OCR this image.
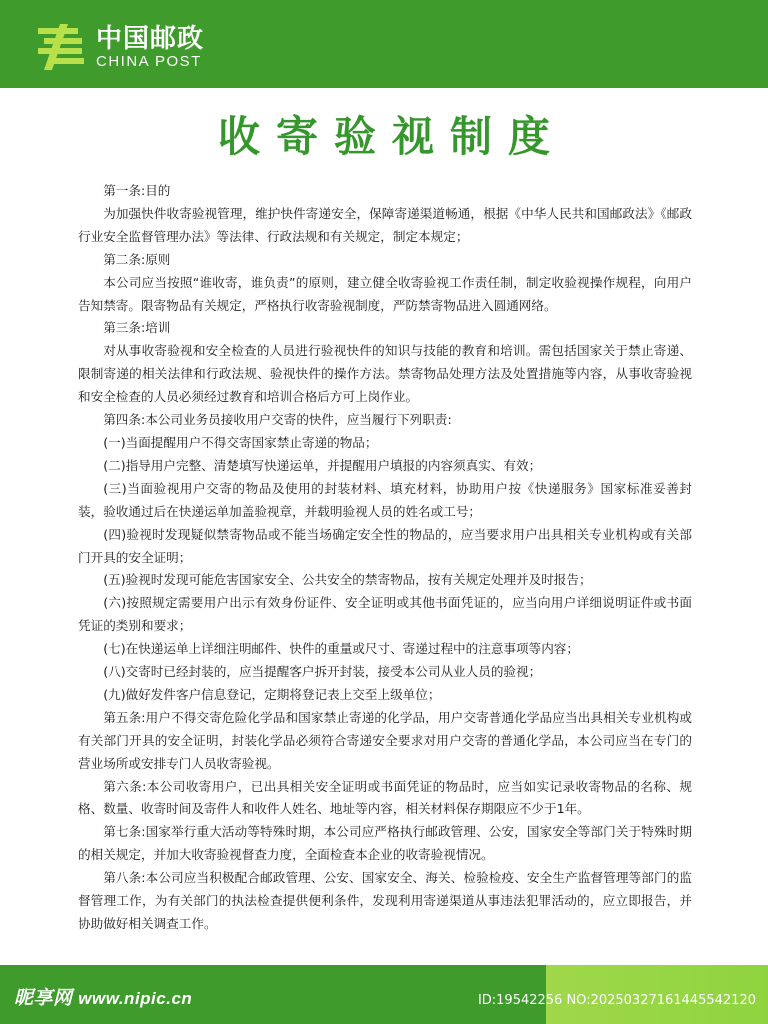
中国邮政
CHINA POST
收寄验视制度

第一条:目的

为加强快件收寄验视管理，维护快件寄递安全，保障寄递渠道畅通，根据《中华人民共和国邮政法》《邮政行业安全监督管理办法》等法律、行政法规和有关规定，制定本规定；

第二条:原则

本公司应当按照“谁收寄，谁负责”的原则，建立健全收寄验视工作责任制，制定收验视操作规程，向用户告知禁寄。限寄物品有关规定，严格执行收寄验视制度，严防禁寄物品进入圆通网络。

第三条:培训

对从事收寄验视和安全检查的人员进行验视快件的知识与技能的教育和培训。需包括国家关于禁止寄递、限制寄递的相关法律和行政法规、验视快件的操作方法。禁寄物品处理方法及处置措施等内容，从事收寄验视和安全检查的人员必须经过教育和培训合格后方可上岗作业。

第四条:本公司业务员接收用户交寄的快件，应当履行下列职责:

(一)当面提醒用户不得交寄国家禁止寄递的物品；

(二)指导用户完整、清楚填写快递运单，并提醒用户填报的内容须真实、有效；

(三)当面验视用户交寄的物品及使用的封装材料、填充材料，协助用户按《快递服务》国家标准妥善封装，验收通过后在快递运单加盖验视章，并载明验视人员的姓名或工号；

(四)验视时发现疑似禁寄物品或不能当场确定安全性的物品的，应当要求用户出具相关专业机构或有关部门开具的安全证明；

(五)验视时发现可能危害国家安全、公共安全的禁寄物品，按有关规定处理并及时报告；

(六)按照规定需要用户出示有效身份证件、安全证明或其他书面凭证的，应当向用户详细说明证件或书面凭证的类别和要求；

(七)在快递运单上详细注明邮件、快件的重量或尺寸、寄递过程中的注意事项等内容；

(八)交寄时已经封装的，应当提醒客户拆开封装，接受本公司从业人员的验视；

(九)做好发件客户信息登记，定期将登记表上交至上级单位；

第五条:用户不得交寄危险化学品和国家禁止寄递的化学品，用户交寄普通化学品应当出具相关专业机构或有关部门开具的安全证明，封装化学品必须符合寄递安全要求对用户交寄的普通化学品，本公司应当在专门的营业场所或安排专门人员收寄验视。

第六条:本公司收寄用户，已出具相关安全证明或书面凭证的物品时，应当如实记录收寄物品的名称、规格、数量、收寄时间及寄件人和收件人姓名、地址等内容，相关材料保存期限应不少于1年。

第七条:国家举行重大活动等特殊时期，本公司应严格执行邮政管理、公安，国家安全等部门关于特殊时期的相关规定，并加大收寄验视督查力度，全面检查本企业的收寄验视情况。

第八条:本公司应当积极配合邮政管理、公安、国家安全、海关、检验检疫、安全生产监督管理等部门的监督管理工作，为有关部门的执法检查提供便利条件，发现利用寄递渠道从事违法犯罪活动的，应立即报告，并协助做好相关调查工作。

昵享网 www.nipic.cn	ID:19542256 NO:20250327161445542120
